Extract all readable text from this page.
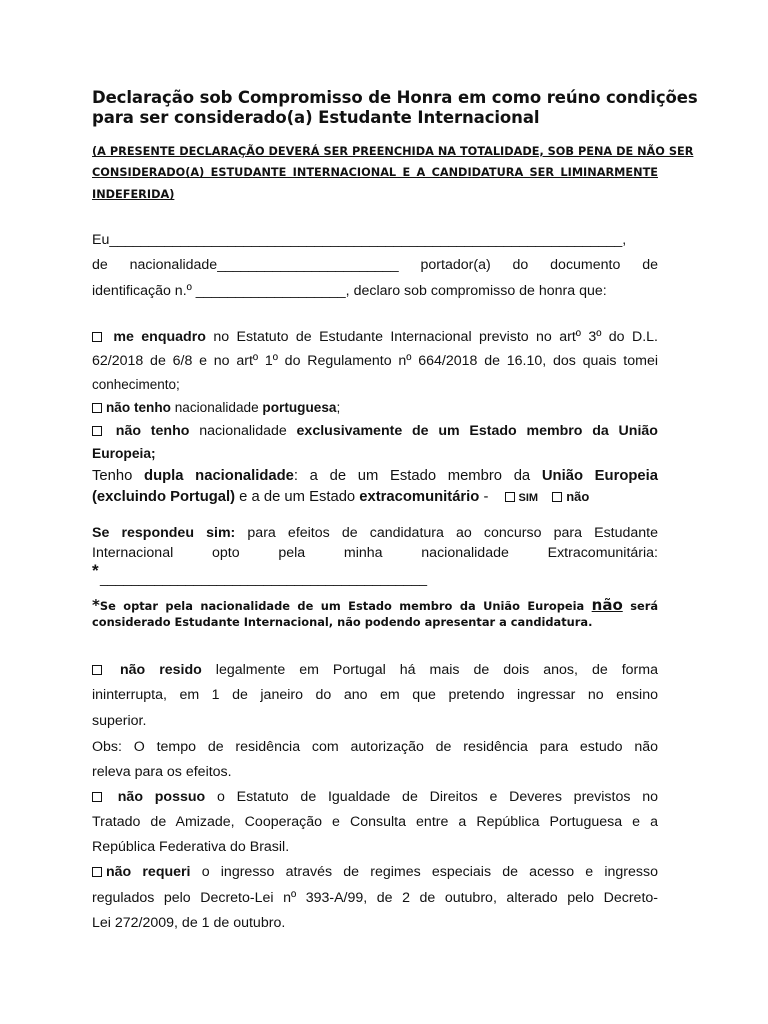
Declaração sob Compromisso de Honra em como reúno condições
para ser considerado(a) Estudante Internacional
(A PRESENTE DECLARAÇÃO DEVERÁ SER PREENCHIDA NA TOTALIDADE, SOB PENA DE NÃO SER
CONSIDERADO(A) ESTUDANTE INTERNACIONAL E A CANDIDATURA SER LIMINARMENTE
INDEFERIDA)
Eu_________________________________________________________________,
de nacionalidade_______________________ portador(a) do documento de
identificação n.º ___________________, declaro sob compromisso de honra que:
me enquadro no Estatuto de Estudante Internacional previsto no artº 3º do D.L.
62/2018 de 6/8 e no artº 1º do Regulamento nº 664/2018 de 16.10, dos quais tomei
conhecimento;
não tenho nacionalidade portuguesa;
não tenho nacionalidade exclusivamente de um Estado membro da União
Europeia;
Tenho dupla nacionalidade: a de um Estado membro da União Europeia
(excluindo Portugal) e a de um Estado extracomunitário -	SIM não
Se respondeu sim: para efeitos de candidatura ao concurso para Estudante
Internacional opto pela minha nacionalidade Extracomunitária:
* __________________________________________
*Se optar pela nacionalidade de um Estado membro da União Europeia não será
considerado Estudante Internacional, não podendo apresentar a candidatura.
não resido legalmente em Portugal há mais de dois anos, de forma
ininterrupta, em 1 de janeiro do ano em que pretendo ingressar no ensino
superior.
Obs: O tempo de residência com autorização de residência para estudo não
releva para os efeitos.
não possuo o Estatuto de Igualdade de Direitos e Deveres previstos no
Tratado de Amizade, Cooperação e Consulta entre a República Portuguesa e a
República Federativa do Brasil.
não requeri o ingresso através de regimes especiais de acesso e ingresso
regulados pelo Decreto-Lei nº 393-A/99, de 2 de outubro, alterado pelo Decreto-
Lei 272/2009, de 1 de outubro.
